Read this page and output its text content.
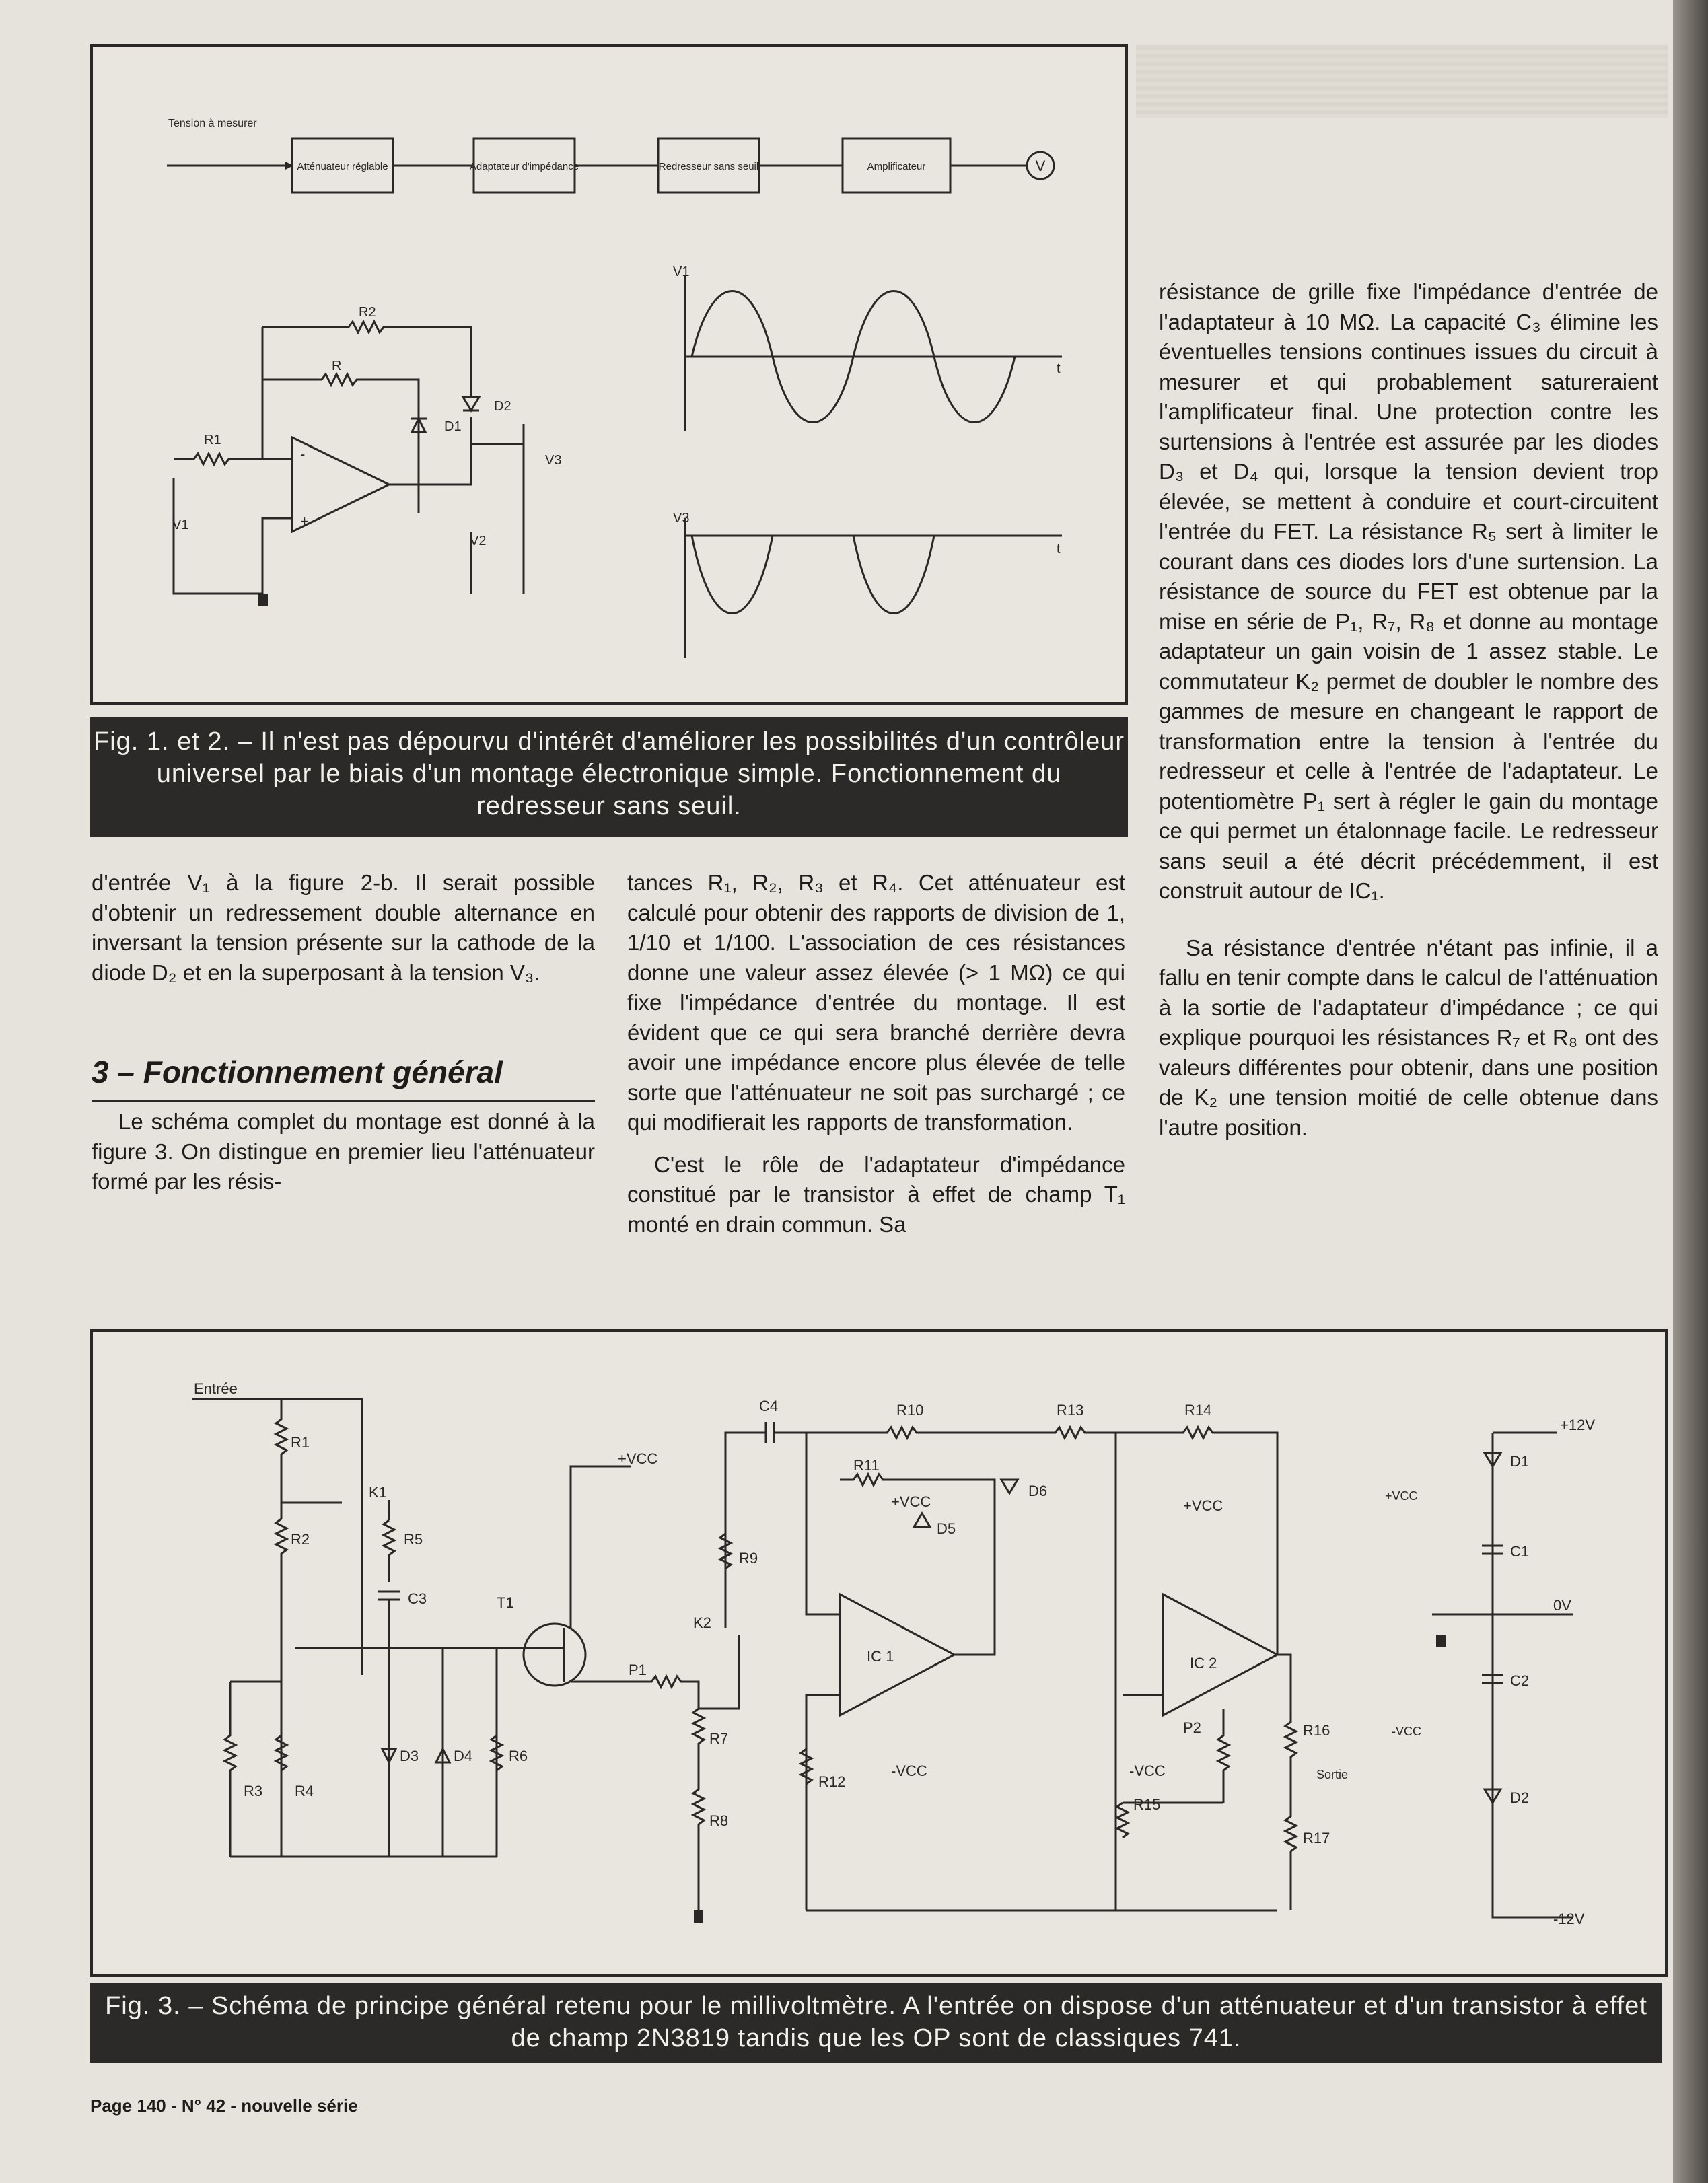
Tension à mesurer
Atténuateur réglable	Adaptateur d'impédance	Redresseur sans seuil	Amplificateur	V
R2
R
R1
D1
D2
V1
V2
V3
-
+
V1
t
V3
t
Fig. 1. et 2. – Il n'est pas dépourvu d'intérêt d'améliorer les possibilités d'un contrôleur universel par le biais d'un montage électronique simple. Fonctionnement du redresseur sans seuil.

d'entrée V₁ à la figure 2-b. Il serait possible d'obtenir un redressement double alternance en inversant la tension présente sur la cathode de la diode D₂ et en la superposant à la tension V₃.

3 – Fonctionnement général

Le schéma complet du montage est donné à la figure 3. On distingue en premier lieu l'atténuateur formé par les résis-

tances R₁, R₂, R₃ et R₄. Cet atténuateur est calculé pour obtenir des rapports de division de 1, 1/10 et 1/100. L'association de ces résistances donne une valeur assez élevée (> 1 MΩ) ce qui fixe l'impédance d'entrée du montage. Il est évident que ce qui sera branché derrière devra avoir une impédance encore plus élevée de telle sorte que l'atténuateur ne soit pas surchargé ; ce qui modifierait les rapports de transformation.

C'est le rôle de l'adaptateur d'impédance constitué par le transistor à effet de champ T₁ monté en drain commun. Sa

résistance de grille fixe l'impédance d'entrée de l'adaptateur à 10 MΩ. La capacité C₃ élimine les éventuelles tensions continues issues du circuit à mesurer et qui probablement satureraient l'amplificateur final. Une protection contre les surtensions à l'entrée est assurée par les diodes D₃ et D₄ qui, lorsque la tension devient trop élevée, se mettent à conduire et court-circuitent l'entrée du FET. La résistance R₅ sert à limiter le courant dans ces diodes lors d'une surtension. La résistance de source du FET est obtenue par la mise en série de P₁, R₇, R₈ et donne au montage adaptateur un gain voisin de 1 assez stable. Le commutateur K₂ permet de doubler le nombre des gammes de mesure en changeant le rapport de transformation entre la tension à l'entrée du redresseur et celle à l'entrée de l'adaptateur. Le potentiomètre P₁ sert à régler le gain du montage ce qui permet un étalonnage facile. Le redresseur sans seuil a été décrit précédemment, il est construit autour de IC₁.

Sa résistance d'entrée n'étant pas infinie, il a fallu en tenir compte dans le calcul de l'atténuation à la sortie de l'adaptateur d'impédance ; ce qui explique pourquoi les résistances R₇ et R₈ ont des valeurs différentes pour obtenir, dans une position de K₂ une tension moitié de celle obtenue dans l'autre position.

Entrée
R1
R2
K1
R3 R4
R5
C3
D3 D4 R6
T1
+VCC
P1
R7
R8
K2
R9
C4	R10	R13	R14
IC 1
R11
D6
D5
+VCC
-VCC
R12
IC 2
+VCC
-VCC
R16
R17
Sortie
P2
R15
+12V
D1
C1
0V
C2
D2
-12V
+VCC
-VCC
Fig. 3. – Schéma de principe général retenu pour le millivoltmètre. A l'entrée on dispose d'un atténuateur et d'un transistor à effet de champ 2N3819 tandis que les OP sont de classiques 741.
Page 140 - N° 42 - nouvelle série
